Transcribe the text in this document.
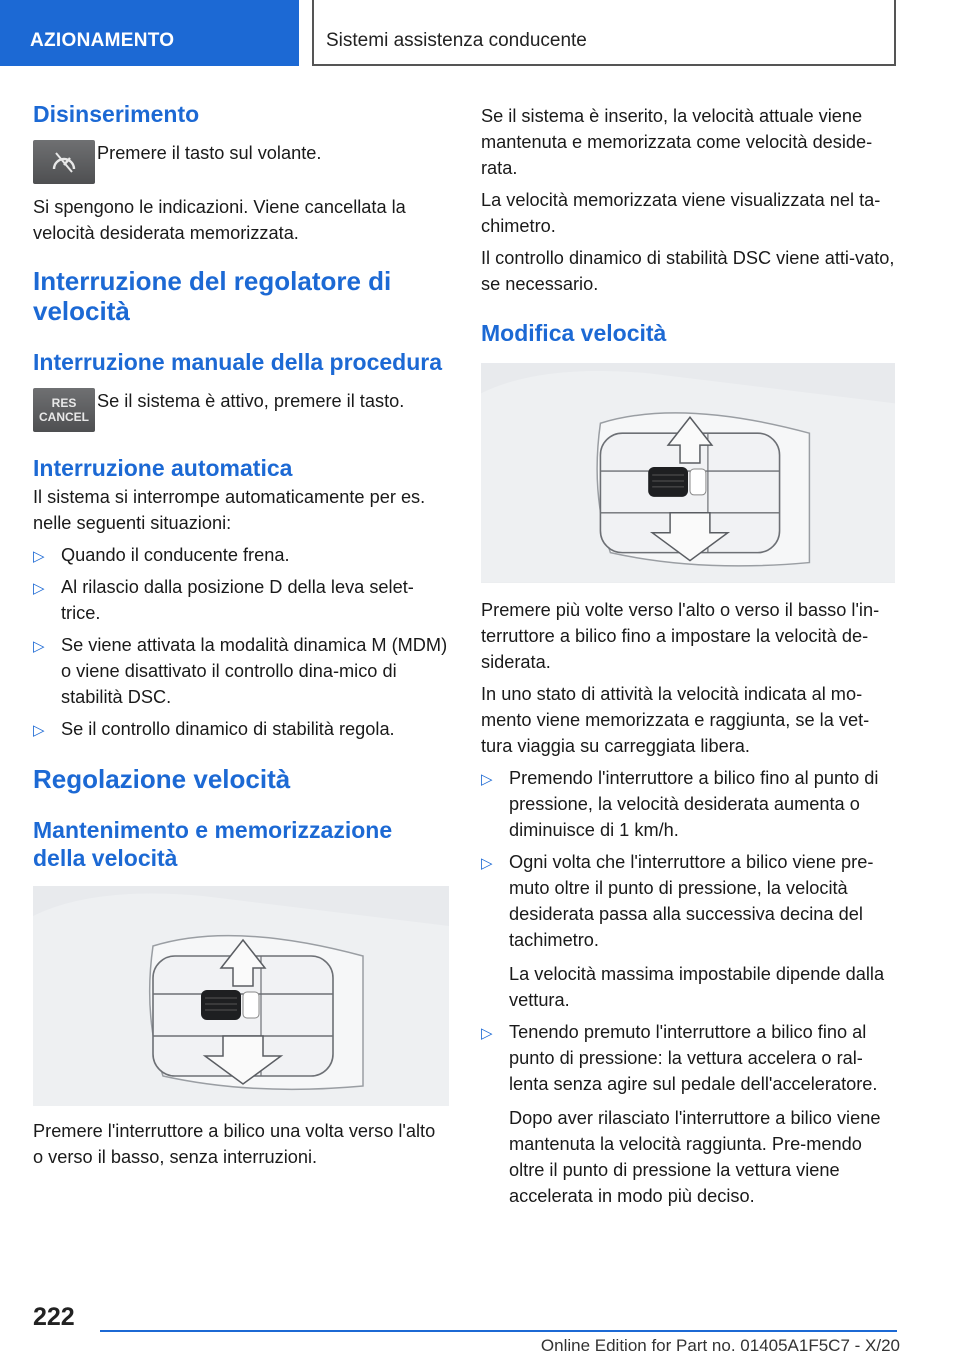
AZIONAMENTO	Sistemi assistenza conducente
Disinserimento
Premere il tasto sul volante.

Si spengono le indicazioni. Viene cancellata la velocità desiderata memorizzata.

Interruzione del regolatore di velocità
Interruzione manuale della procedura
RES
CANCEL
Se il sistema è attivo, premere il tasto.
Interruzione automatica

Il sistema si interrompe automaticamente per es. nelle seguenti situazioni:

▷ Quando il conducente frena.
▷ Al rilascio dalla posizione D della leva selet-trice.
▷ Se viene attivata la modalità dinamica M (MDM) o viene disattivato il controllo dina-mico di stabilità DSC.
▷ Se il controllo dinamico di stabilità regola.
Regolazione velocità
Mantenimento e memorizzazione della velocità

Premere l'interruttore a bilico una volta verso l'alto o verso il basso, senza interruzioni.

Se il sistema è inserito, la velocità attuale viene mantenuta e memorizzata come velocità deside-rata.

La velocità memorizzata viene visualizzata nel ta-chimetro.

Il controllo dinamico di stabilità DSC viene atti-vato, se necessario.

Modifica velocità

Premere più volte verso l'alto o verso il basso l'in-terruttore a bilico fino a impostare la velocità de-siderata.

In uno stato di attività la velocità indicata al mo-mento viene memorizzata e raggiunta, se la vet-tura viaggia su carreggiata libera.

▷ Premendo l'interruttore a bilico fino al punto di pressione, la velocità desiderata aumenta o diminuisce di 1 km/h.
▷ Ogni volta che l'interruttore a bilico viene pre-muto oltre il punto di pressione, la velocità desiderata passa alla successiva decina del tachimetro.

La velocità massima impostabile dipende dalla vettura.

▷ Tenendo premuto l'interruttore a bilico fino al punto di pressione: la vettura accelera o ral-lenta senza agire sul pedale dell'acceleratore.

Dopo aver rilasciato l'interruttore a bilico viene mantenuta la velocità raggiunta. Pre-mendo oltre il punto di pressione la vettura viene accelerata in modo più deciso.

222
Online Edition for Part no. 01405A1F5C7 - X/20
